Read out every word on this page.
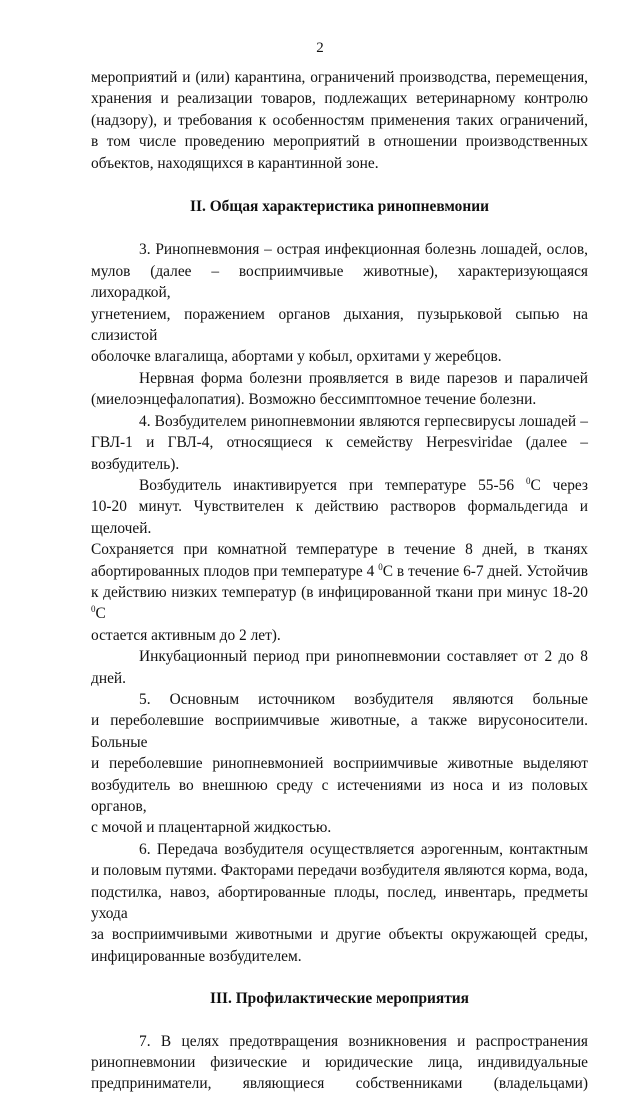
2

мероприятий и (или) карантина, ограничений производства, перемещения,

хранения и реализации товаров, подлежащих ветеринарному контролю

(надзору), и требования к особенностям применения таких ограничений,

в том числе проведению мероприятий в отношении производственных

объектов, находящихся в карантинной зоне.

II. Общая характеристика ринопневмонии

3. Ринопневмония – острая инфекционная болезнь лошадей, ослов,

мулов (далее – восприимчивые животные), характеризующаяся лихорадкой,

угнетением, поражением органов дыхания, пузырьковой сыпью на слизистой

оболочке влагалища, абортами у кобыл, орхитами у жеребцов.

Нервная форма болезни проявляется в виде парезов и параличей

(миелоэнцефалопатия). Возможно бессимптомное течение болезни.

4. Возбудителем ринопневмонии являются герпесвирусы лошадей –

ГВЛ-1 и ГВЛ-4, относящиеся к семейству Herpesviridae (далее – возбудитель).

Возбудитель инактивируется при температуре 55-56 $^0$С через

10-20 минут. Чувствителен к действию растворов формальдегида и щелочей.

Сохраняется при комнатной температуре в течение 8 дней, в тканях

абортированных плодов при температуре 4 $^0$С в течение 6-7 дней. Устойчив

к действию низких температур (в инфицированной ткани при минус 18-20 $^0$С

остается активным до 2 лет).

Инкубационный период при ринопневмонии составляет от 2 до 8 дней.

5. Основным источником возбудителя являются больные

и переболевшие восприимчивые животные, а также вирусоносители. Больные

и переболевшие ринопневмонией восприимчивые животные выделяют

возбудитель во внешнюю среду с истечениями из носа и из половых органов,

с мочой и плацентарной жидкостью.

6. Передача возбудителя осуществляется аэрогенным, контактным

и половым путями. Факторами передачи возбудителя являются корма, вода,

подстилка, навоз, абортированные плоды, послед, инвентарь, предметы ухода

за восприимчивыми животными и другие объекты окружающей среды,

инфицированные возбудителем.

III. Профилактические мероприятия

7. В целях предотвращения возникновения и распространения

ринопневмонии физические и юридические лица, индивидуальные

предприниматели, являющиеся собственниками (владельцами)
